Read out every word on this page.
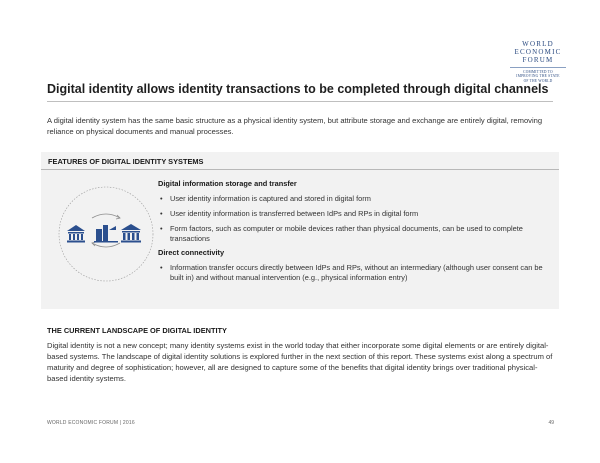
WORLD
ECONOMIC
FORUM
COMMITTED TO
IMPROVING THE STATE
OF THE WORLD
Digital identity allows identity transactions to be completed through digital channels
A digital identity system has the same basic structure as a physical identity system, but attribute storage and exchange are entirely digital, removing reliance on physical documents and manual processes.
FEATURES OF DIGITAL IDENTITY SYSTEMS
Digital information storage and transfer
• User identity information is captured and stored in digital form
• User identity information is transferred between IdPs and RPs in digital form
• Form factors, such as computer or mobile devices rather than physical documents, can be used to complete transactions
Direct connectivity
• Information transfer occurs directly between IdPs and RPs, without an intermediary (although user consent can be built in) and without manual intervention (e.g., physical information entry)
THE CURRENT LANDSCAPE OF DIGITAL IDENTITY
Digital identity is not a new concept; many identity systems exist in the world today that either incorporate some digital elements or are entirely digital-based systems. The landscape of digital identity solutions is explored further in the next section of this report. These systems exist along a spectrum of maturity and degree of sophistication; however, all are designed to capture some of the benefits that digital identity brings over traditional physical-based identity systems.
WORLD ECONOMIC FORUM | 2016	49
